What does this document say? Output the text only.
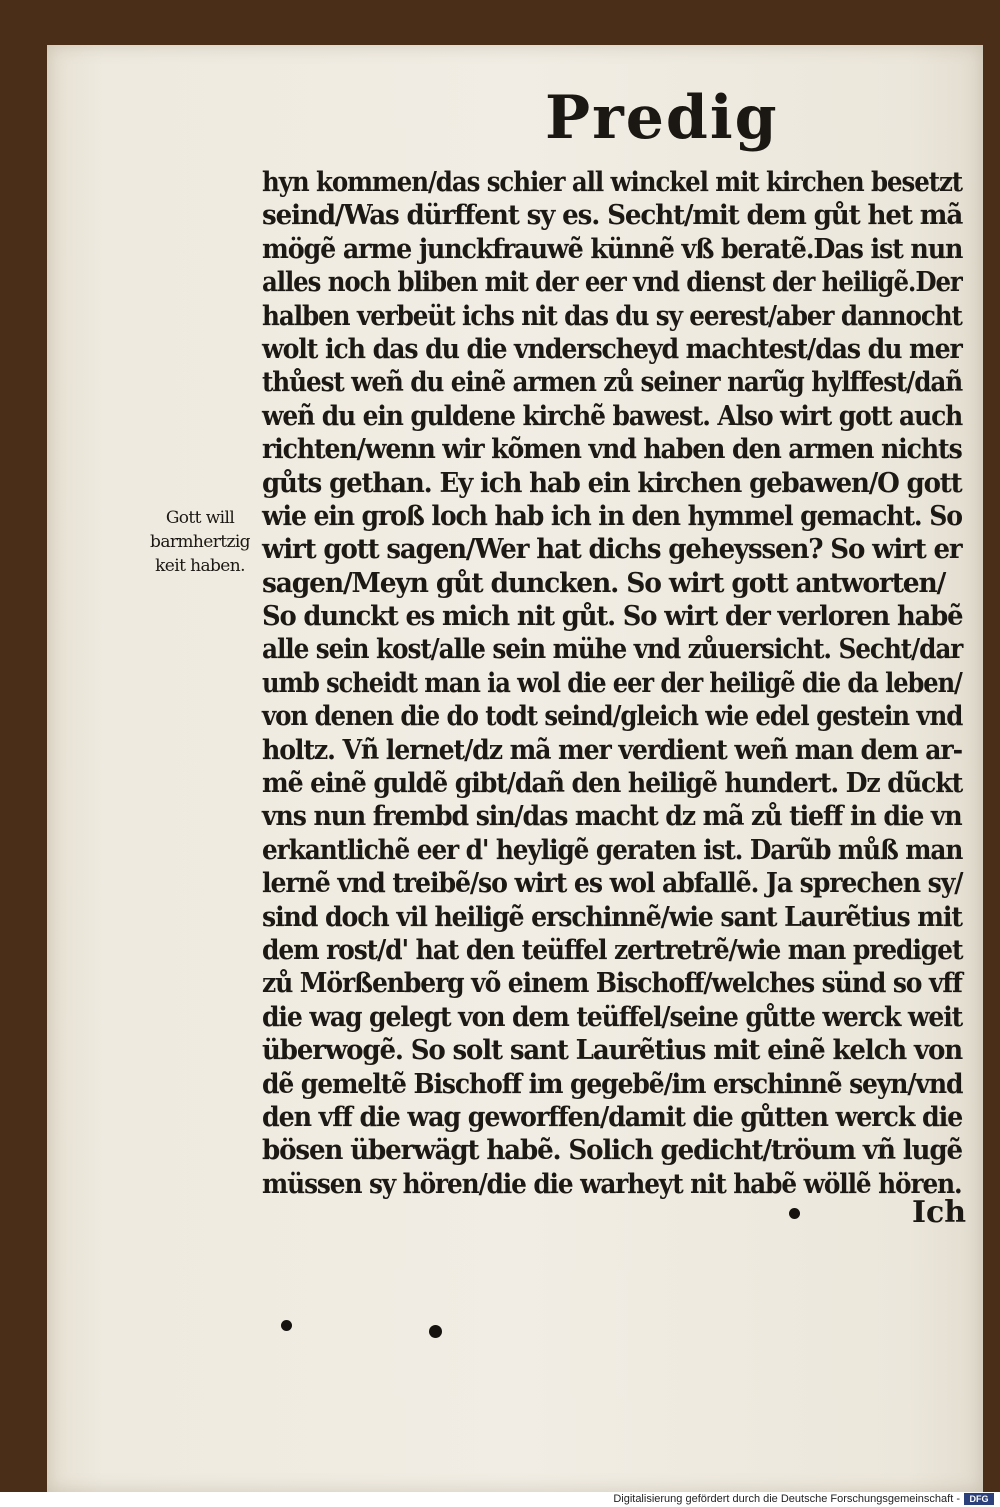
Predig
hyn kommen/das schier all winckel mit kirchen besetzt
seind/Was dürffent sy es. Secht/mit dem gůt het mã
mögẽ arme junckfrauwẽ künnẽ vß beratẽ.Das ist nun
alles noch bliben mit der eer vnd dienst der heiligẽ.Der
halben verbeüt ichs nit das du sy eerest/aber dannocht
wolt ich das du die vnderscheyd machtest/das du mer
thůest weñ du einẽ armen zů seiner narũg hylffest/dañ
weñ du ein guldene kirchẽ bawest. Also wirt gott auch
richten/wenn wir kõmen vnd haben den armen nichts
gůts gethan. Ey ich hab ein kirchen gebawen/O gott
wie ein groß loch hab ich in den hymmel gemacht. So
wirt gott sagen/Wer hat dichs geheyssen? So wirt er
sagen/Meyn gůt duncken. So wirt gott antworten/
So dunckt es mich nit gůt. So wirt der verloren habẽ
alle sein kost/alle sein mühe vnd zůuersicht. Secht/dar
umb scheidt man ia wol die eer der heiligẽ die da leben/
von denen die do todt seind/gleich wie edel gestein vnd
holtz. Vñ lernet/dz mã mer verdient weñ man dem ar-
mẽ einẽ guldẽ gibt/dañ den heiligẽ hundert. Dz dũckt
vns nun frembd sin/das macht dz mã zů tieff in die vn
erkantlichẽ eer d' heyligẽ geraten ist. Darũb můß man
lernẽ vnd treibẽ/so wirt es wol abfallẽ. Ja sprechen sy/
sind doch vil heiligẽ erschinnẽ/wie sant Laurẽtius mit
dem rost/d' hat den teüffel zertretrẽ/wie man prediget
zů Mörßenberg võ einem Bischoff/welches sünd so vff
die wag gelegt von dem teüffel/seine gůtte werck weit
überwogẽ. So solt sant Laurẽtius mit einẽ kelch von
dẽ gemeltẽ Bischoff im gegebẽ/im erschinnẽ seyn/vnd
den vff die wag geworffen/damit die gůtten werck die
bösen überwägt habẽ. Solich gedicht/tröum vñ lugẽ
müssen sy hören/die die warheyt nit habẽ wöllẽ hören.
Gott will
barmhertzig
keit haben.
Ich
Digitalisierung gefördert durch die Deutsche Forschungsgemeinschaft -	DFG
